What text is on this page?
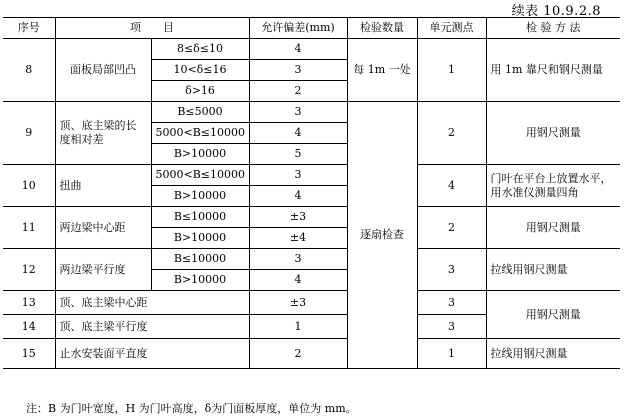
续表 10.9.2.8
序号	项　　目		允许偏差(mm)	检验数量	单元测点	检 验 方 法
8	面板局部凹凸	8≤δ≤10	4	每 1m 一处	1	用 1m 靠尺和钢尺测量
		10<δ≤16	3			
		δ>16	2			
9	顶、底主梁的长度相对差	B≤5000	3	逐扇检查	2	用钢尺测量
		5000<B≤10000	4			
		B>10000	5			
10	扭曲	5000<B≤10000	3		4	门叶在平台上放置水平，用水准仪测量四角
		B>10000	4			
11	两边梁中心距	B≤10000	±3		2	用钢尺测量
		B>10000	±4			
12	两边梁平行度	B≤10000	3		3	拉线用钢尺测量
		B>10000	4			
13	顶、底主梁中心距		±3		3	用钢尺测量
14	顶、底主梁平行度		1		3	
15	止水安装面平直度		2		1	拉线用钢尺测量
注：B 为门叶宽度，H 为门叶高度，δ为门面板厚度，单位为 mm。
